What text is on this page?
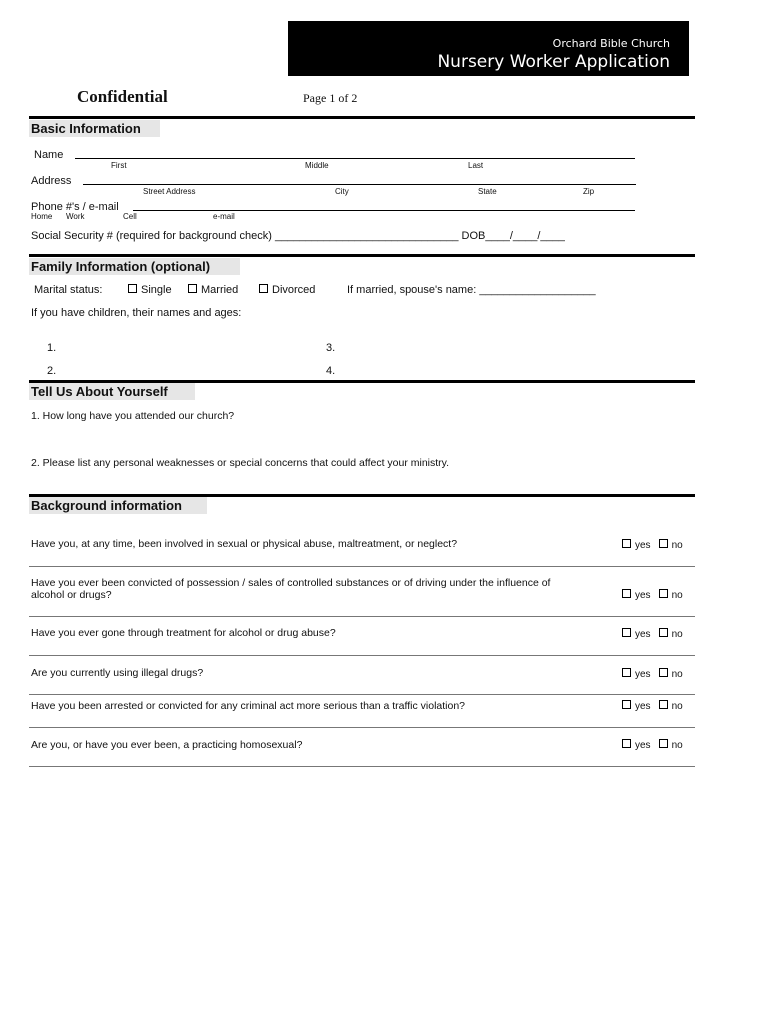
Orchard Bible Church
Nursery Worker Application
Confidential	Page 1 of 2
Basic Information
Name
First	Middle	Last
Address
Street Address	City	State	Zip
Phone #'s / e-mail
Home Work	Cell	e-mail
Social Security # (required for background check) ______________________________ DOB____/____/____
Family Information (optional)
Marital status:	Single	Married	Divorced	If married, spouse's name: ___________________
If you have children, their names and ages:
1.
2.
3.
4.
Tell Us About Yourself
1. How long have you attended our church?
2. Please list any personal weaknesses or special concerns that could affect your ministry.
Background information
Have you, at any time, been involved in sexual or physical abuse, maltreatment, or neglect?	yes no
Have you ever been convicted of possession / sales of controlled substances or of driving under the influence of alcohol or drugs?	yes no
Have you ever gone through treatment for alcohol or drug abuse?	yes no
Are you currently using illegal drugs?	yes no
Have you been arrested or convicted for any criminal act more serious than a traffic violation?	yes no
Are you, or have you ever been, a practicing homosexual?	yes no
